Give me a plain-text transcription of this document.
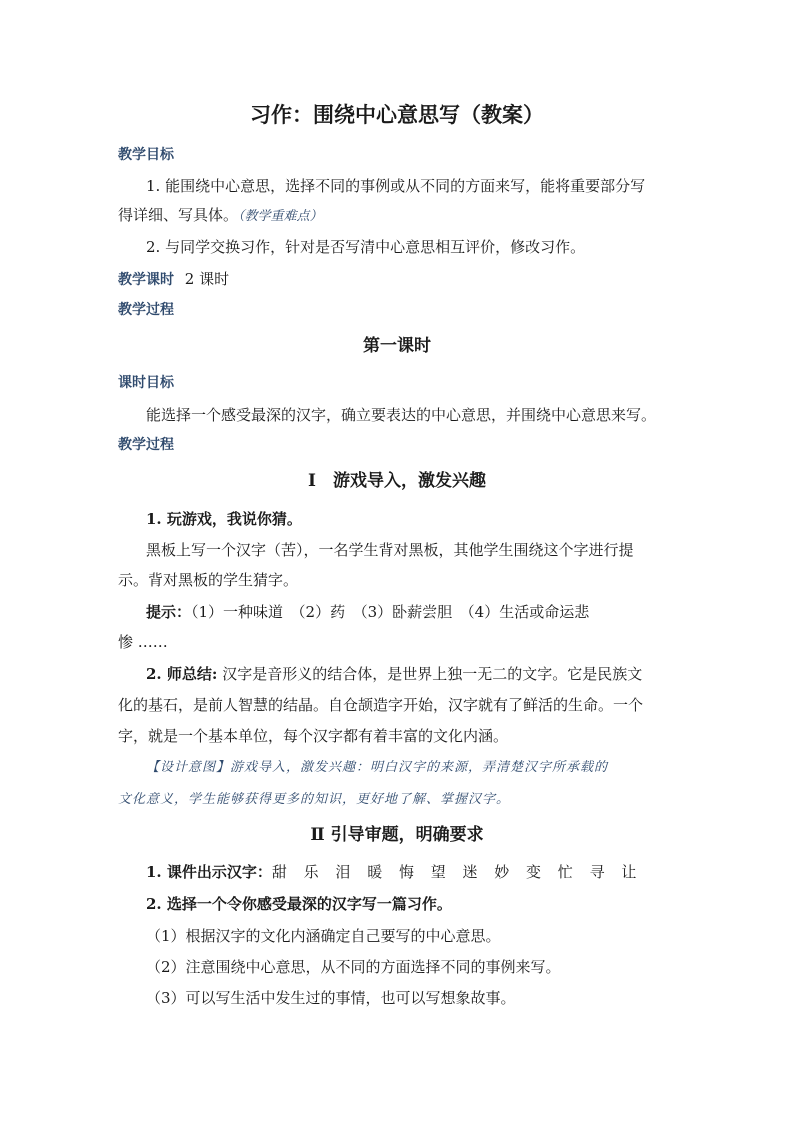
习作：围绕中心意思写（教案）
教学目标
1. 能围绕中心意思，选择不同的事例或从不同的方面来写，能将重要部分写
得详细、写具体。（教学重难点）
2. 与同学交换习作，针对是否写清中心意思相互评价，修改习作。
教学课时 2 课时
教学过程
第一课时
课时目标
能选择一个感受最深的汉字，确立要表达的中心意思，并围绕中心意思来写。
教学过程
Ⅰ　游戏导入，激发兴趣
1. 玩游戏，我说你猜。
黑板上写一个汉字（苦），一名学生背对黑板，其他学生围绕这个字进行提
示。背对黑板的学生猜字。
提示：（1）一种味道　（2）药　（3）卧薪尝胆　（4）生活或命运悲
惨 ……
2. 师总结: 汉字是音形义的结合体，是世界上独一无二的文字。它是民族文
化的基石，是前人智慧的结晶。自仓颉造字开始，汉字就有了鲜活的生命。一个
字，就是一个基本单位，每个汉字都有着丰富的文化内涵。
【设计意图】游戏导入，激发兴趣：明白汉字的来源，弄清楚汉字所承载的
文化意义，学生能够获得更多的知识，更好地了解、掌握汉字。
Ⅱ 引导审题，明确要求
1. 课件出示汉字：甜 乐 泪 暖 悔 望 迷 妙 变 忙 寻 让
2. 选择一个令你感受最深的汉字写一篇习作。
（1）根据汉字的文化内涵确定自己要写的中心意思。
（2）注意围绕中心意思，从不同的方面选择不同的事例来写。
（3）可以写生活中发生过的事情，也可以写想象故事。
